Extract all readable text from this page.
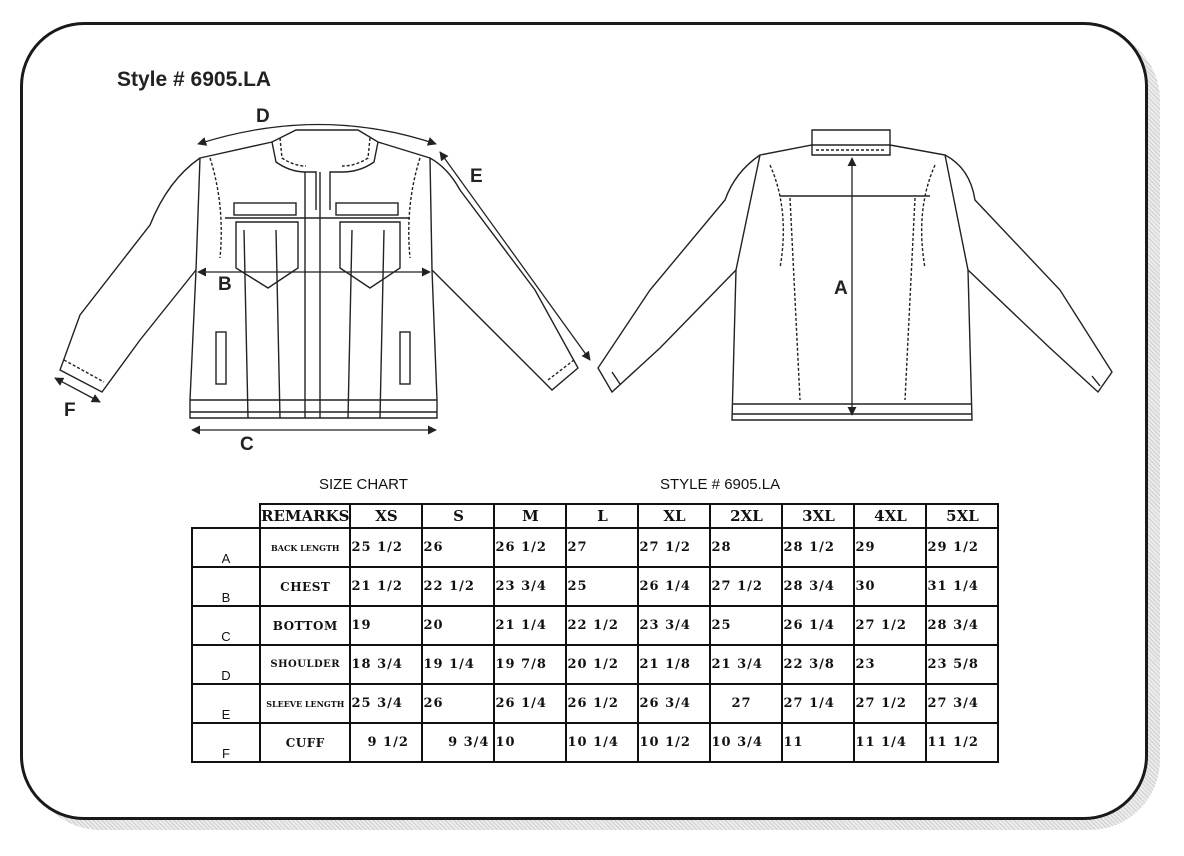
Style # 6905.LA
D
E
B
C
F
A
SIZE CHART	STYLE # 6905.LA
	REMARKS	XS	S	M	L	XL	2XL	3XL	4XL	5XL
A	BACK LENGTH	25 1/2	26	26 1/2	27	27 1/2	28	28 1/2	29	29 1/2
B	CHEST	21 1/2	22 1/2	23 3/4	25	26 1/4	27 1/2	28 3/4	30	31 1/4
C	BOTTOM	19	20	21 1/4	22 1/2	23 3/4	25	26 1/4	27 1/2	28 3/4
D	SHOULDER	18 3/4	19 1/4	19 7/8	20 1/2	21 1/8	21 3/4	22 3/8	23	23 5/8
E	SLEEVE LENGTH	25 3/4	26	26 1/4	26 1/2	26 3/4	27	27 1/4	27 1/2	27 3/4
F	CUFF	9 1/2	9 3/4	10	10 1/4	10 1/2	10 3/4	11	11 1/4	11 1/2
